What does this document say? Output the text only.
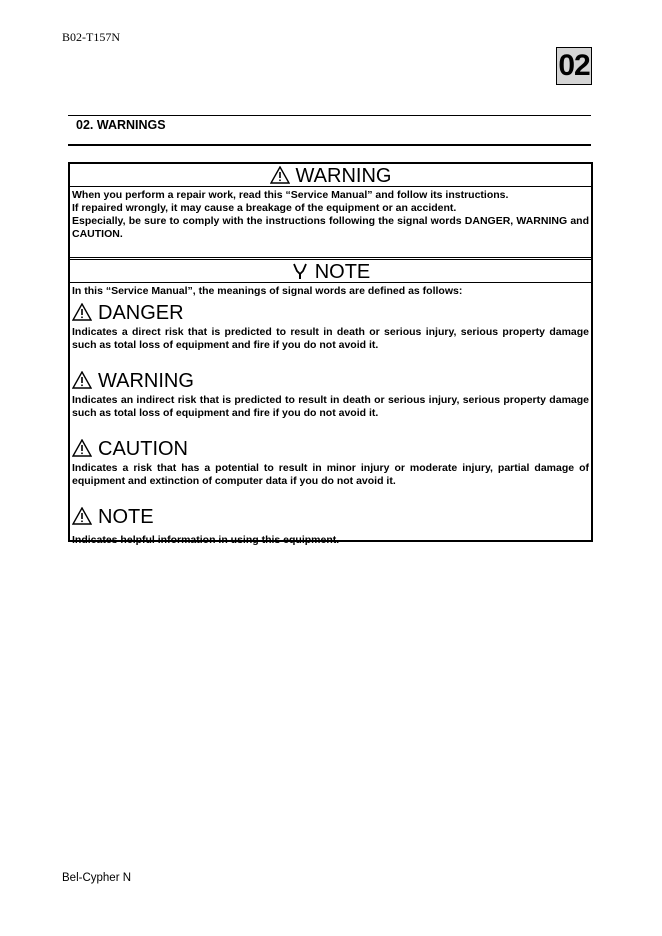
B02-T157N
02
02. WARNINGS
WARNING
When you perform a repair work, read this “Service Manual” and follow its instructions.
If repaired wrongly, it may cause a breakage of the equipment or an accident.
Especially, be sure to comply with the instructions following the signal words DANGER, WARNING and CAUTION.
NOTE
In this “Service Manual”, the meanings of signal words are defined as follows:
DANGER
Indicates a direct risk that is predicted to result in death or serious injury, serious property damage such as total loss of equipment and fire if you do not avoid it.
WARNING
Indicates an indirect risk that is predicted to result in death or serious injury, serious property damage such as total loss of equipment and fire if you do not avoid it.
CAUTION
Indicates a risk that has a potential to result in minor injury or moderate injury, partial damage of equipment and extinction of computer data if you do not avoid it.
NOTE
Indicates helpful information in using this equipment.
Bel-Cypher N
